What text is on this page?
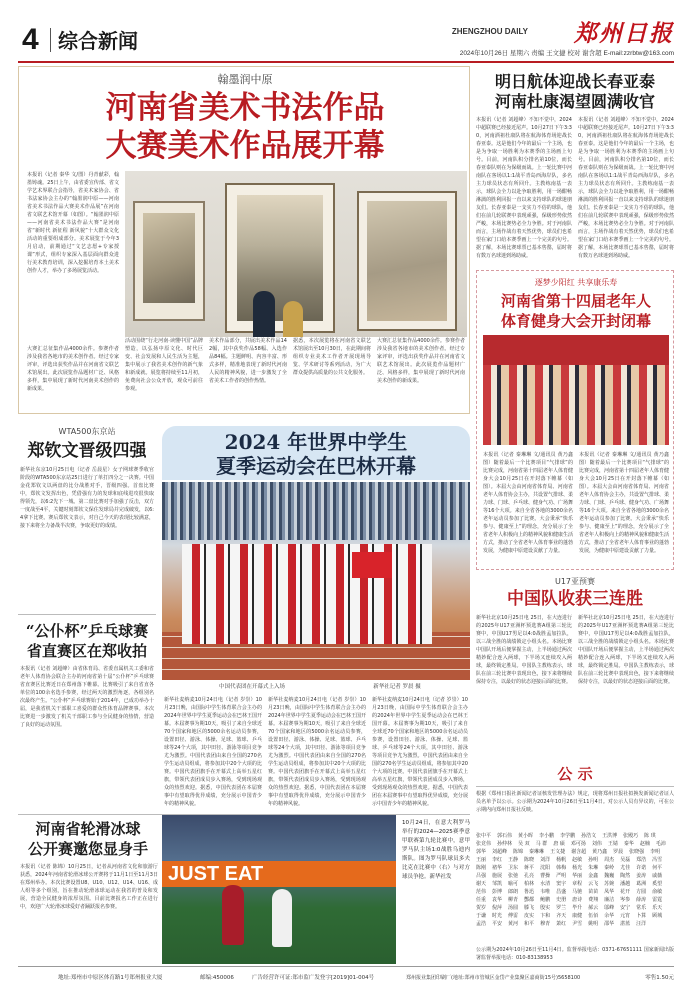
4 综合新闻	ZHENGZHOU DAILY	郑州日报
2024年10月26日 星期六 责编 王文捷 校对 谢含超 E-mail:zzrbtw@163.com
翰墨润中原
河南省美术书法作品
大赛美术作品展开幕
本报讯（记者 秦华 文/图）丹青献彩，翰墨铸魂。25日上午，由省委宣传部、省文学艺术界联合会指导，省美术家协会、省书法家协会主办的“翰墨润中原——河南省美术书法作品大赛美术作品展”在河南省文联艺术馆开幕（如图）。“翰墨润中原——河南省美术书法作品大赛”是河南省“新时代 新征程 新风貌”十大群众文化活动的重要组成部分。美术展览于今年3月启动，前期通过“文艺志愿+专家授课”形式，组织专家深入基层面向群众进行美术教育培训，深入挖掘培育本土美术创作人才，举办了多场展览活动。
大赛汇总征集作品4000余件。参赛作者涉及我省各地市的美术创作者。经过专家评审，评选出获奖作品并在河南省文联艺术馆展出。此次展览作品题材广泛、风格多样，集中展现了新时代河南美术创作的新成果。
活动围绕“行走河南·读懂中国”品牌塑造，以弘扬中原文化、时代巨变、社会发展和人民生活为主题，集中展示了我省美术创作的新气象和新成就。展览将持续至11月初，免费向社会公众开放，观众可前往参观。
美术作品部分，共展出美术作品142幅，其中获奖作品58幅、入选作品84幅。主题鲜明、内容丰富、形式多样，精准地表现了新时代河南人民的精神风貌，进一步激发了全省美术工作者的创作热情。
据悉，本次展览将在河南省文联艺术馆展出至10月30日，在此期间将组织专业美术工作者开展现场导览、学术研讨等系列活动，为广大群众提供高质量的公共文化服务。
大赛汇总征集作品4000余件。参赛作者涉及我省各地市的美术创作者。经过专家评审，评选出获奖作品并在河南省文联艺术馆展出。此次展览作品题材广泛、风格多样，集中展现了新时代河南美术创作的新成果。
明日航体迎战长春亚泰
河南杜康渴望圆满收官
本报讯（记者 刘超峰）不知不觉中，2024中超联赛已经接近尾声。10月27日下午3:30，河南酒祖杜康队将在航海体育场迎战长春亚泰。这是他们今年的最后一个主场，也是为争取一场胜利为本赛季的主场画上句号。目前，河南队积分排名第10位，而长春亚泰队则在为保级而战。上一轮比赛中河南队在客场以1:1战平青岛西海岸队，多名主力球员状态有所回升。主教练南基一表示，球队会全力以赴争取胜利，用一场酣畅淋漓的胜利回报一直以来支持球队的球迷朋友们。长春亚泰是一支实力不俗的球队，他们在前几轮联赛中表现顽强，保级形势依然严峻，本场比赛势必全力争胜。对于河南队而言，主场作战有着天然优势，球员们也希望在家门口给本赛季画上一个完美的句号。据了解，本场比赛球票已基本售罄，届时将有数万名球迷到场助威。
本报讯（记者 刘超峰）不知不觉中，2024中超联赛已经接近尾声。10月27日下午3:30，河南酒祖杜康队将在航海体育场迎战长春亚泰。这是他们今年的最后一个主场，也是为争取一场胜利为本赛季的主场画上句号。目前，河南队积分排名第10位，而长春亚泰队则在为保级而战。上一轮比赛中河南队在客场以1:1战平青岛西海岸队，多名主力球员状态有所回升。主教练南基一表示，球队会全力以赴争取胜利，用一场酣畅淋漓的胜利回报一直以来支持球队的球迷朋友们。长春亚泰是一支实力不俗的球队，他们在前几轮联赛中表现顽强，保级形势依然严峻，本场比赛势必全力争胜。对于河南队而言，主场作战有着天然优势，球员们也希望在家门口给本赛季画上一个完美的句号。据了解，本场比赛球票已基本售罄，届时将有数万名球迷到场助威。
逐梦少阳红 共享康乐寿
河南省第十四届老年人
体育健身大会开封闭幕
本报讯（记者 秦琳琳 文/通讯员 黄乃鑫 图）随着最后一个比赛项目“气排球”的比赛完成，河南省第十四届老年人体育健身大会10月25日在开封落下帷幕（如图）。本届大会由河南省体育局、河南省老年人体育协会主办，共设置气排球、柔力球、门球、乒乓球、健身气功、广场舞等16个大项。来自全省各地的3000余名老年运动员参加了比赛。大会秉承“快乐参与、健康至上”的理念，充分展示了全省老年人积极向上的精神风貌和健康生活方式，推动了全省老年人体育事业的蓬勃发展，为健康中原建设贡献了力量。
本报讯（记者 秦琳琳 文/通讯员 黄乃鑫 图）随着最后一个比赛项目“气排球”的比赛完成，河南省第十四届老年人体育健身大会10月25日在开封落下帷幕（如图）。本届大会由河南省体育局、河南省老年人体育协会主办，共设置气排球、柔力球、门球、乒乓球、健身气功、广场舞等16个大项。来自全省各地的3000余名老年运动员参加了比赛。大会秉承“快乐参与、健康至上”的理念，充分展示了全省老年人积极向上的精神风貌和健康生活方式，推动了全省老年人体育事业的蓬勃发展，为健康中原建设贡献了力量。
WTA500东京站
郑钦文晋级四强
新华社东京10月25日电（记者 岳晨星）女子网球赛季收官阶段的WTA500东京站25日进行了单打四分之一决赛。中国金花郑钦文以两盘的比分战胜对手，晋级四强。首盘比赛中，郑钦文发挥出色，凭借强有力的发球和底线进攻很快取得领先，以6:2先下一城。第二盘比赛对手加强了反击，双方一度战至4平，关键时刻郑钦文保住发球局并完成破发，以6:4拿下比赛。赛后郑钦文表示，对自己今天的表现比较满意，接下来将全力备战半决赛，争取更好的成绩。
“公仆杯”乒乓球赛
省直赛区在郑收拍
本报讯（记者 刘超峰）由省体育局、省委直属机关工委和省老年人体育协会联合主办的河南省第十届“公仆杯”乒乓球赛省直赛区比赛近日在郑州落下帷幕。比赛吸引了来自省直各单位的100余名选手参赛，经过两天的激烈角逐，各组别名次最终产生。“公仆杯”乒乓球赛始于2014年，已成功举办十届，是我省机关干部职工喜爱的群众性体育品牌赛事。本次比赛进一步激发了机关干部职工参与全民健身的热情，营造了良好的运动氛围。
2024 年世界中学生
夏季运动会在巴林开幕
中国代表团在开幕式上入场	新华社记者 罗晨 摄
新华社麦纳麦10月24日电（记者 岁崇）10月23日晚，由国际中学生体育联合会主办的2024年世界中学生夏季运动会在巴林王国开幕。本届赛事为期10天，吸引了来自全球近70个国家和地区的5000余名运动员参赛，设置田径、游泳、体操、足球、篮球、乒乓球等24个大项，其中田径、游泳等项目竞争尤为激烈。中国代表团由来自全国的270名学生运动员组成，将参加其中20个大项的比赛。中国代表团旗手在开幕式上高举五星红旗，带领代表团成员步入赛场，受到现场观众的热烈欢迎。据悉，中国代表团在本届赛事中有望取得优异成绩，充分展示中国青少年的精神风貌。
新华社麦纳麦10月24日电（记者 岁崇）10月23日晚，由国际中学生体育联合会主办的2024年世界中学生夏季运动会在巴林王国开幕。本届赛事为期10天，吸引了来自全球近70个国家和地区的5000余名运动员参赛，设置田径、游泳、体操、足球、篮球、乒乓球等24个大项，其中田径、游泳等项目竞争尤为激烈。中国代表团由来自全国的270名学生运动员组成，将参加其中20个大项的比赛。中国代表团旗手在开幕式上高举五星红旗，带领代表团成员步入赛场，受到现场观众的热烈欢迎。据悉，中国代表团在本届赛事中有望取得优异成绩，充分展示中国青少年的精神风貌。
新华社麦纳麦10月24日电（记者 岁崇）10月23日晚，由国际中学生体育联合会主办的2024年世界中学生夏季运动会在巴林王国开幕。本届赛事为期10天，吸引了来自全球近70个国家和地区的5000余名运动员参赛，设置田径、游泳、体操、足球、篮球、乒乓球等24个大项，其中田径、游泳等项目竞争尤为激烈。中国代表团由来自全国的270名学生运动员组成，将参加其中20个大项的比赛。中国代表团旗手在开幕式上高举五星红旗，带领代表团成员步入赛场，受到现场观众的热烈欢迎。据悉，中国代表团在本届赛事中有望取得优异成绩，充分展示中国青少年的精神风貌。
U17亚预赛
中国队收获三连胜
新华社北京10月25日电 25日，在大连进行的2025年U17亚洲杯预选赛A组第三轮比赛中，中国U17男足以4:0战胜孟加拉队，以三战全胜的战绩锁定小组头名。本场比赛中国队开场后便掌握主动，上半场通过两次精妙配合连入两球，下半场又连续攻入两球，最终锁定胜局。中国队主教练表示，球队在前三轮比赛中表现出色，接下来将继续保持专注，以最好的状态迎接后面的比赛。
新华社北京10月25日电 25日，在大连进行的2025年U17亚洲杯预选赛A组第三轮比赛中，中国U17男足以4:0战胜孟加拉队，以三战全胜的战绩锁定小组头名。本场比赛中国队开场后便掌握主动，上半场通过两次精妙配合连入两球，下半场又连续攻入两球，最终锁定胜局。中国队主教练表示，球队在前三轮比赛中表现出色，接下来将继续保持专注，以最好的状态迎接后面的比赛。
河南省轮滑冰球
公开赛邀您显身手
本报讯（记者 陈锦）10月25日，记者从河南省文化和旅游厅获悉，2024年河南省轮滑冰球公开赛将于11月1日至11月3日在郑州举办。本次比赛设置U8、U10、U12、U14、U16、成人组等多个组别，旨在推动轮滑冰球运动在我省的普及和发展，营造全民健身的浓厚氛围。目前比赛报名工作正在进行中，欢迎广大轮滑冰球爱好者踊跃报名参赛。
JUST EAT
10月24日，在意大利罗马举行的2024—2025赛季意甲联赛第九轮比赛中，意甲罗马队主场1:0战胜乌迪内斯队。图为罗马队球员多夫比克在比赛中（右）与对方球员争抢。新华社发
公 示
根据《郑州日报社新闻记者证核发管理办法》规定，现将郑州日报社拟换发新闻记者证人员名单予以公示。公示期为2024年10月26日至11月4日。对公示人员有异议的，可在公示期内向郑州日报社反映。
张中平 郭石伟 黄小晖 李小鹏 李学鹏 孙浩文 王洪博 张殿巧 陈 琪
张竞伟 孙仲林 吴 双 马 群 唐 硕 邓可扬 刘伟 王婧 秦华 赵楠 毛沛
郭华 刘超峰 陈锦 秦琳琳 王文捷 谢含超 黄乃鑫 罗晨 张晓强 李明
王丽 李红 王静 陈晓 刘洋 杨帆 赵敏 孙明 周杰 吴磊 郑浩 冯雪
陈刚 褚华 卫东 蒋平 沈阳 韩梅 杨光 朱琳 秦岭 尤佳 许诺 何平
吕强 施展 张弛 孔亮 曹操 严明 华丽 金鑫 魏巍 陶然 姜涛 戚薇
谢天 邹凯 喻可 柏林 水清 窦宇 章程 云飞 苏婉 潘越 葛洲 奚望
范伟 彭博 郎朗 鲁迅 韦唯 昌盛 马驰 苗苗 凤华 花开 方圆 俞敏
任重 袁华 柳青 酆都 鲍鹏 史册 唐诗 费翔 廉洁 岑参 薛涛 雷霆
贺岁 倪萍 汤圆 滕飞 殷实 罗兰 毕升 郝云 邬峰 安宁 常乐 乐天
于谦 时光 傅雷 皮实 卞和 齐天 康健 伍佰 余华 元宵 卜算 顾城
孟浩 平安 黄河 和平 穆青 萧红 尹雪 姚明 邵华 湛蓝 汪洋
公示期为2024年10月26日至11月4日。监督举报电话：0371-67651111 国家新闻出版署监督举报电话：010-83138953
地址:郑州市中原区体育路1号郑州报业大厦	邮编:450006	广告经营许可证:郑市监广发登字[2019]01-004号	郑州报业集团印刷厂(地址:郑州市管城区金岱产业集聚区嘉商街15号)5658100	零售1.50元
